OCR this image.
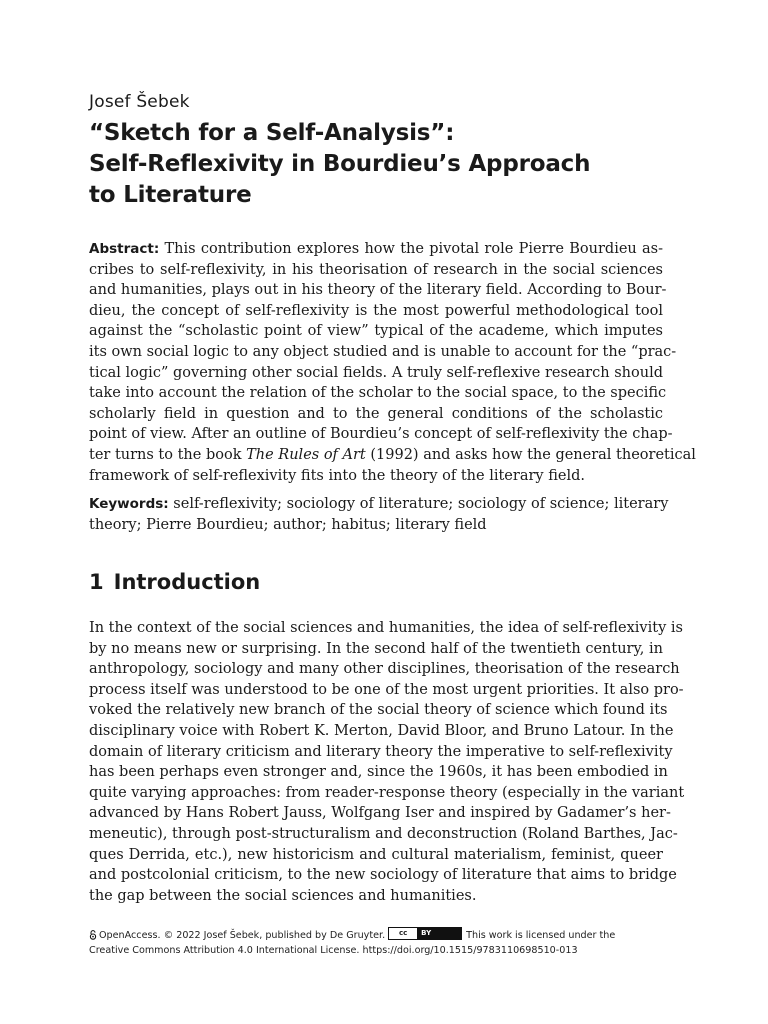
Josef Šebek
“Sketch for a Self-Analysis”:
Self-Reflexivity in Bourdieu’s Approach
to Literature
Abstract: This contribution explores how the pivotal role Pierre Bourdieu as-
cribes to self-reflexivity, in his theorisation of research in the social sciences
and humanities, plays out in his theory of the literary field. According to Bour-
dieu, the concept of self-reflexivity is the most powerful methodological tool
against the “scholastic point of view” typical of the academe, which imputes
its own social logic to any object studied and is unable to account for the “prac-
tical logic” governing other social fields. A truly self-reflexive research should
take into account the relation of the scholar to the social space, to the specific
scholarly field in question and to the general conditions of the scholastic
point of view. After an outline of Bourdieu’s concept of self-reflexivity the chap-
ter turns to the book The Rules of Art (1992) and asks how the general theoretical
framework of self-reflexivity fits into the theory of the literary field.
Keywords: self-reflexivity; sociology of literature; sociology of science; literary
theory; Pierre Bourdieu; author; habitus; literary field
1 Introduction
In the context of the social sciences and humanities, the idea of self-reflexivity is
by no means new or surprising. In the second half of the twentieth century, in
anthropology, sociology and many other disciplines, theorisation of the research
process itself was understood to be one of the most urgent priorities. It also pro-
voked the relatively new branch of the social theory of science which found its
disciplinary voice with Robert K. Merton, David Bloor, and Bruno Latour. In the
domain of literary criticism and literary theory the imperative to self-reflexivity
has been perhaps even stronger and, since the 1960s, it has been embodied in
quite varying approaches: from reader-response theory (especially in the variant
advanced by Hans Robert Jauss, Wolfgang Iser and inspired by Gadamer’s her-
meneutic), through post-structuralism and deconstruction (Roland Barthes, Jac-
ques Derrida, etc.), new historicism and cultural materialism, feminist, queer
and postcolonial criticism, to the new sociology of literature that aims to bridge
the gap between the social sciences and humanities.
OpenAccess. © 2022 Josef Šebek, published by De Gruyter.	cc	BY	This work is licensed under the
Creative Commons Attribution 4.0 International License. https://doi.org/10.1515/9783110698510-013
